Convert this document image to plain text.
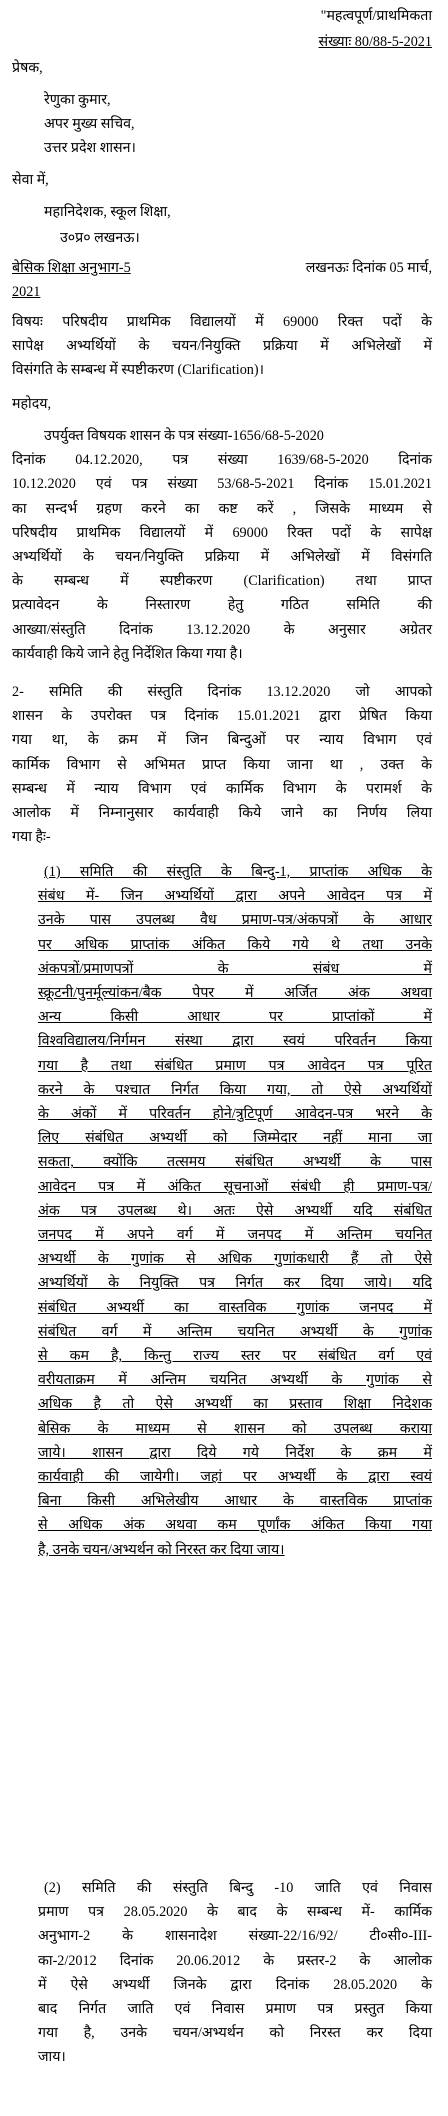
"महत्वपूर्ण/प्राथमिकता
संख्याः 80/88-5-2021
प्रेषक,
रेणुका कुमार,
अपर मुख्य सचिव,
उत्तर प्रदेश शासन।
सेवा में,
महानिदेशक, स्कूल शिक्षा,
उ०प्र० लखनऊ।
बेसिक शिक्षा अनुभाग-5	लखनऊः दिनांक 05 मार्च,
2021
विषयः परिषदीय प्राथमिक विद्यालयों में 69000 रिक्त पदों के
सापेक्ष अभ्यर्थियों के चयन/नियुक्ति प्रक्रिया में अभिलेखों में
विसंगति के सम्बन्ध में स्पष्टीकरण (Clarification)।
महोदय,
उपर्युक्त विषयक शासन के पत्र संख्या-1656/68-5-2020
दिनांक 04.12.2020, पत्र संख्या 1639/68-5-2020 दिनांक
10.12.2020 एवं पत्र संख्या 53/68-5-2021 दिनांक 15.01.2021
का सन्दर्भ ग्रहण करने का कष्ट करें , जिसके माध्यम से
परिषदीय प्राथमिक विद्यालयों में 69000 रिक्त पदों के सापेक्ष
अभ्यर्थियों के चयन/नियुक्ति प्रक्रिया में अभिलेखों में विसंगति
के सम्बन्ध में स्पष्टीकरण (Clarification) तथा प्राप्त
प्रत्यावेदन के निस्तारण हेतु गठित समिति की
आख्या/संस्तुति दिनांक 13.12.2020 के अनुसार अग्रेतर
कार्यवाही किये जाने हेतु निर्देशित किया गया है।
2- समिति की संस्तुति दिनांक 13.12.2020 जो आपको
शासन के उपरोक्त पत्र दिनांक 15.01.2021 द्वारा प्रेषित किया
गया था, के क्रम में जिन बिन्दुओं पर न्याय विभाग एवं
कार्मिक विभाग से अभिमत प्राप्त किया जाना था , उक्त के
सम्बन्ध में न्याय विभाग एवं कार्मिक विभाग के परामर्श के
आलोक में निम्नानुसार कार्यवाही किये जाने का निर्णय लिया
गया हैः-
(1) समिति की संस्तुति के बिन्दु-1, प्राप्तांक अधिक के
संबंध में- जिन अभ्यर्थियों द्वारा अपने आवेदन पत्र में
उनके पास उपलब्ध वैध प्रमाण-पत्र/अंकपत्रों के आधार
पर अधिक प्राप्तांक अंकित किये गये थे तथा उनके
अंकपत्रों/प्रमाणपत्रों के संबंध में
स्क्रूटनी/पुनर्मूल्यांकन/बैक पेपर में अर्जित अंक अथवा
अन्य किसी आधार पर प्राप्तांकों में
विश्वविद्यालय/निर्गमन संस्था द्वारा स्वयं परिवर्तन किया
गया है तथा संबंधित प्रमाण पत्र आवेदन पत्र पूरित
करने के पश्चात निर्गत किया गया, तो ऐसे अभ्यर्थियों
के अंकों में परिवर्तन होने/त्रुटिपूर्ण आवेदन-पत्र भरने के
लिए संबंधित अभ्यर्थी को जिम्मेदार नहीं माना जा
सकता, क्योंकि तत्समय संबंधित अभ्यर्थी के पास
आवेदन पत्र में अंकित सूचनाओं संबंधी ही प्रमाण-पत्र/
अंक पत्र उपलब्ध थे। अतः ऐसे अभ्यर्थी यदि संबंधित
जनपद में अपने वर्ग में जनपद में अन्तिम चयनित
अभ्यर्थी के गुणांक से अधिक गुणांकधारी हैं तो ऐसे
अभ्यर्थियों के नियुक्ति पत्र निर्गत कर दिया जाये। यदि
संबंधित अभ्यर्थी का वास्तविक गुणांक जनपद में
संबंधित वर्ग में अन्तिम चयनित अभ्यर्थी के गुणांक
से कम है, किन्तु राज्य स्तर पर संबंधित वर्ग एवं
वरीयताक्रम में अन्तिम चयनित अभ्यर्थी के गुणांक से
अधिक है तो ऐसे अभ्यर्थी का प्रस्ताव शिक्षा निदेशक
बेसिक के माध्यम से शासन को उपलब्ध कराया
जाये। शासन द्वारा दिये गये निर्देश के क्रम में
कार्यवाही की जायेगी। जहां पर अभ्यर्थी के द्वारा स्वयं
बिना किसी अभिलेखीय आधार के वास्तविक प्राप्तांक
से अधिक अंक अथवा कम पूर्णांक अंकित किया गया
है, उनके चयन/अभ्यर्थन को निरस्त कर दिया जाय।
(2) समिति की संस्तुति बिन्दु -10 जाति एवं निवास
प्रमाण पत्र 28.05.2020 के बाद के सम्बन्ध में- कार्मिक
अनुभाग-2 के शासनादेश संख्या-22/16/92/ टी०सी०-III-
का-2/2012 दिनांक 20.06.2012 के प्रस्तर-2 के आलोक
में ऐसे अभ्यर्थी जिनके द्वारा दिनांक 28.05.2020 के
बाद निर्गत जाति एवं निवास प्रमाण पत्र प्रस्तुत किया
गया है, उनके चयन/अभ्यर्थन को निरस्त कर दिया
जाय।
